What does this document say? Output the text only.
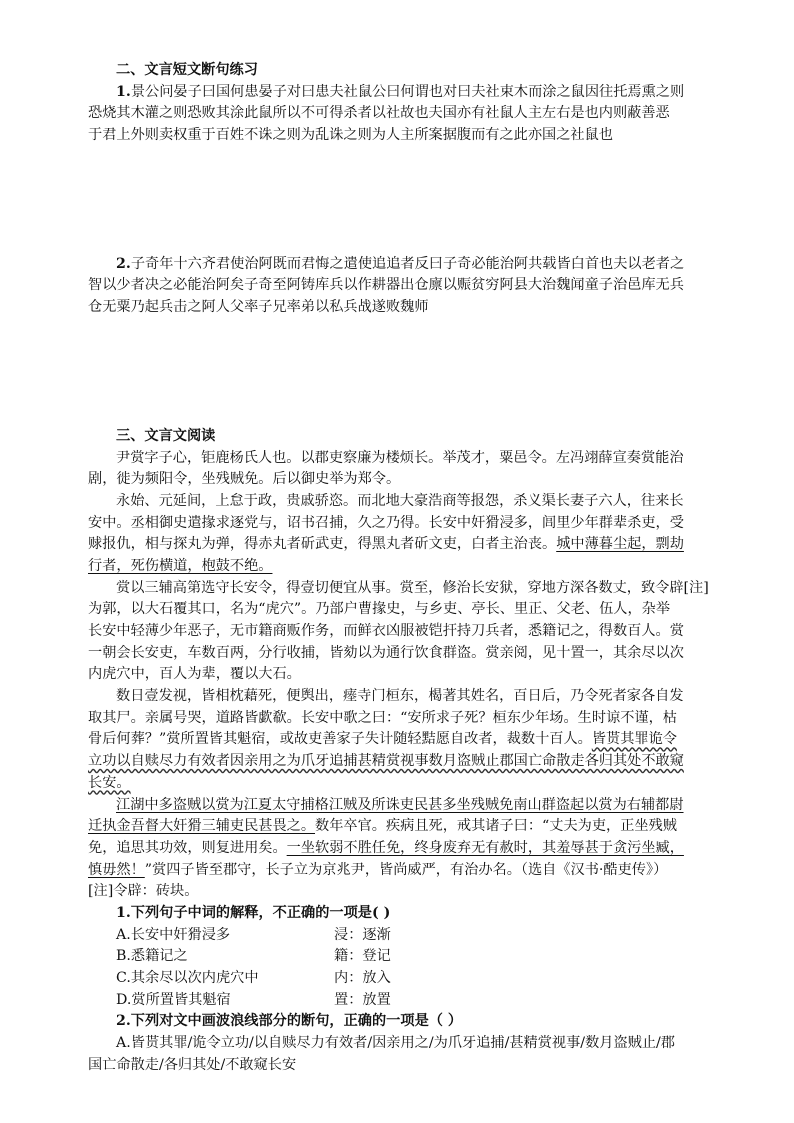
二、文言短文断句练习
1.景公问晏子曰国何患晏子对曰患夫社鼠公曰何谓也对曰夫社束木而涂之鼠因往托焉熏之则
恐烧其木灌之则恐败其涂此鼠所以不可得杀者以社故也夫国亦有社鼠人主左右是也内则蔽善恶
于君上外则卖权重于百姓不诛之则为乱诛之则为人主所案据腹而有之此亦国之社鼠也
2.子奇年十六齐君使治阿既而君悔之遣使追追者反曰子奇必能治阿共载皆白首也夫以老者之
智以少者决之必能治阿矣子奇至阿铸库兵以作耕器出仓廪以赈贫穷阿县大治魏闻童子治邑库无兵
仓无粟乃起兵击之阿人父率子兄率弟以私兵战遂败魏师
三、文言文阅读
尹赏字子心，钜鹿杨氏人也。以郡吏察廉为楼烦长。举茂才，粟邑令。左冯翊薛宣奏赏能治
剧，徙为频阳令，坐残贼免。后以御史举为郑令。
永始、元延间，上怠于政，贵戚骄恣。而北地大豪浩商等报怨，杀义渠长妻子六人，往来长
安中。丞相御史遣掾求逐党与，诏书召捕，久之乃得。长安中奸猾浸多，闾里少年群辈杀吏，受
赇报仇，相与探丸为弹，得赤丸者斫武吏，得黑丸者斫文吏，白者主治丧。城中薄暮尘起，剽劫
行者，死伤横道，枹鼓不绝。
赏以三辅高第选守长安令，得壹切便宜从事。赏至，修治长安狱，穿地方深各数丈，致令辟[注]
为郭，以大石覆其口，名为“虎穴”。乃部户曹掾史，与乡吏、亭长、里正、父老、伍人，杂举
长安中轻薄少年恶子，无市籍商贩作务，而鲜衣凶服被铠扞持刀兵者，悉籍记之，得数百人。赏
一朝会长安吏，车数百两，分行收捕，皆劾以为通行饮食群盗。赏亲阅，见十置一，其余尽以次
内虎穴中，百人为辈，覆以大石。
数日壹发视，皆相枕藉死，便舆出，瘗寺门桓东，楬著其姓名，百日后，乃令死者家各自发
取其尸。亲属号哭，道路皆歔欷。长安中歌之曰：“安所求子死？桓东少年场。生时谅不谨，枯
骨后何葬？”赏所置皆其魁宿，或故吏善家子失计随轻黠愿自改者，裁数十百人。皆贳其罪诡令
立功以自赎尽力有效者因亲用之为爪牙追捕甚精赏视事数月盗贼止郡国亡命散走各归其处不敢窥
长安。
江湖中多盗贼以赏为江夏太守捕格江贼及所诛吏民甚多坐残贼免南山群盗起以赏为右辅都尉
迁执金吾督大奸猾三辅吏民甚畏之。数年卒官。疾病且死，戒其诸子曰：“丈夫为吏，正坐残贼
免，追思其功效，则复进用矣。一坐软弱不胜任免，终身废弃无有赦时，其羞辱甚于贪污坐臧，
慎毋然！”赏四子皆至郡守，长子立为京兆尹，皆尚威严，有治办名。（选自《汉书·酷吏传》）
[注]令辟：砖块。
1.下列句子中词的解释，不正确的一项是( )
A.长安中奸猾浸多	浸：逐渐
B.悉籍记之	籍：登记
C.其余尽以次内虎穴中	内：放入
D.赏所置皆其魁宿	置：放置
2.下列对文中画波浪线部分的断句，正确的一项是（ ）
A.皆贳其罪/诡令立功/以自赎尽力有效者/因亲用之/为爪牙追捕/甚精赏视事/数月盗贼止/郡
国亡命散走/各归其处/不敢窥长安
